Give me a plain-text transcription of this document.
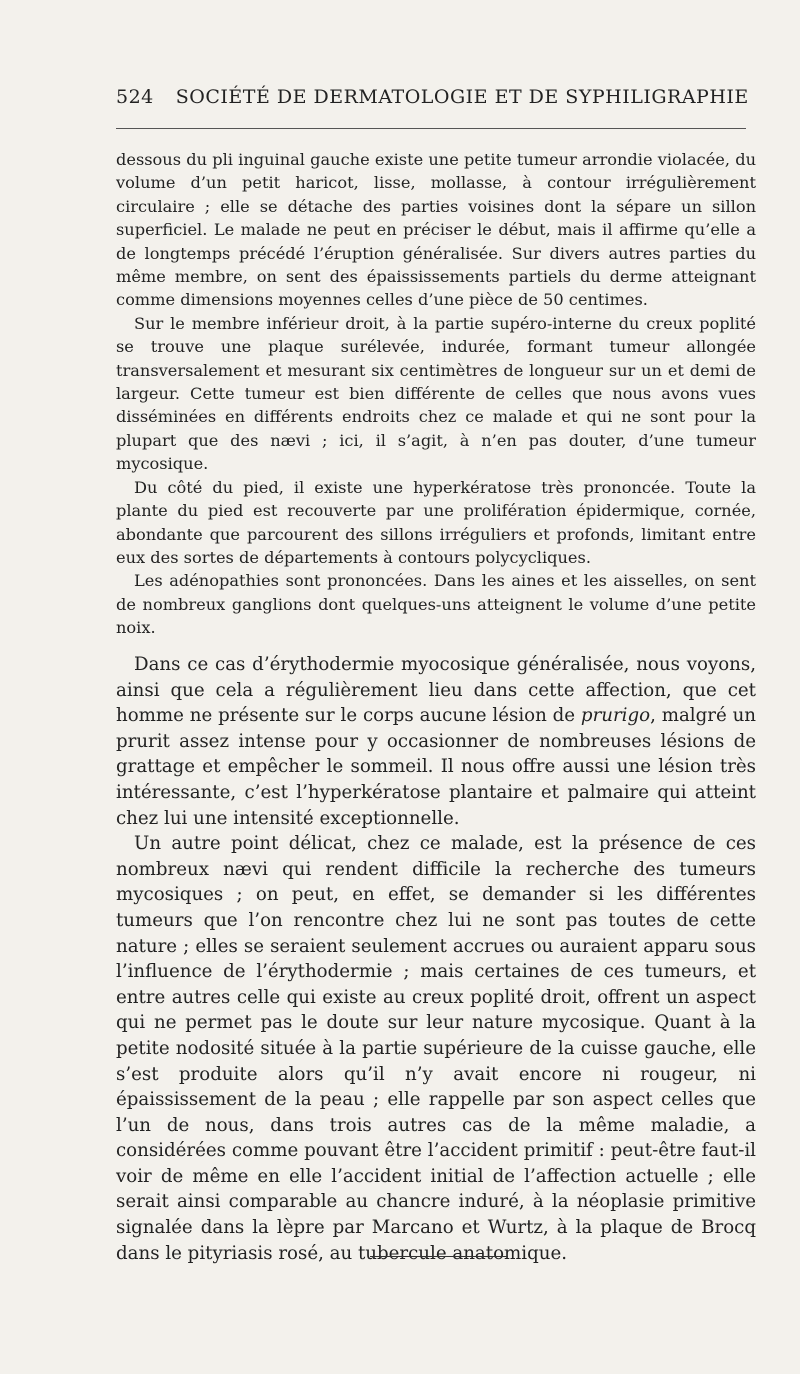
524 SOCIÉTÉ DE DERMATOLOGIE ET DE SYPHILIGRAPHIE

dessous du pli inguinal gauche existe une petite tumeur arrondie violacée, du volume d’un petit haricot, lisse, mollasse, à contour irrégulièrement circulaire ; elle se détache des parties voisines dont la sépare un sillon superficiel. Le malade ne peut en préciser le début, mais il affirme qu’elle a de longtemps précédé l’éruption généralisée. Sur divers autres parties du même membre, on sent des épaississements partiels du derme atteignant comme dimensions moyennes celles d’une pièce de 50 centimes.

Sur le membre inférieur droit, à la partie supéro-interne du creux poplité se trouve une plaque surélevée, indurée, formant tumeur allongée transversalement et mesurant six centimètres de longueur sur un et demi de largeur. Cette tumeur est bien différente de celles que nous avons vues disséminées en différents endroits chez ce malade et qui ne sont pour la plupart que des nævi ; ici, il s’agit, à n’en pas douter, d’une tumeur mycosique.

Du côté du pied, il existe une hyperkératose très prononcée. Toute la plante du pied est recouverte par une prolifération épidermique, cornée, abondante que parcourent des sillons irréguliers et profonds, limitant entre eux des sortes de départements à contours polycycliques.

Les adénopathies sont prononcées. Dans les aines et les aisselles, on sent de nombreux ganglions dont quelques-uns atteignent le volume d’une petite noix.

Dans ce cas d’érythodermie myocosique généralisée, nous voyons, ainsi que cela a régulièrement lieu dans cette affection, que cet homme ne présente sur le corps aucune lésion de prurigo, malgré un prurit assez intense pour y occasionner de nombreuses lésions de grattage et empêcher le sommeil. Il nous offre aussi une lésion très intéressante, c’est l’hyperkératose plantaire et palmaire qui atteint chez lui une intensité exceptionnelle.

Un autre point délicat, chez ce malade, est la présence de ces nombreux nævi qui rendent difficile la recherche des tumeurs mycosiques ; on peut, en effet, se demander si les différentes tumeurs que l’on rencontre chez lui ne sont pas toutes de cette nature ; elles se seraient seulement accrues ou auraient apparu sous l’influence de l’érythodermie ; mais certaines de ces tumeurs, et entre autres celle qui existe au creux poplité droit, offrent un aspect qui ne permet pas le doute sur leur nature mycosique. Quant à la petite nodosité située à la partie supérieure de la cuisse gauche, elle s’est produite alors qu’il n’y avait encore ni rougeur, ni épaississement de la peau ; elle rappelle par son aspect celles que l’un de nous, dans trois autres cas de la même maladie, a considérées comme pouvant être l’accident primitif : peut-être faut-il voir de même en elle l’accident initial de l’affection actuelle ; elle serait ainsi comparable au chancre induré, à la néoplasie primitive signalée dans la lèpre par Marcano et Wurtz, à la plaque de Brocq dans le pityriasis rosé, au tubercule anatomique.
